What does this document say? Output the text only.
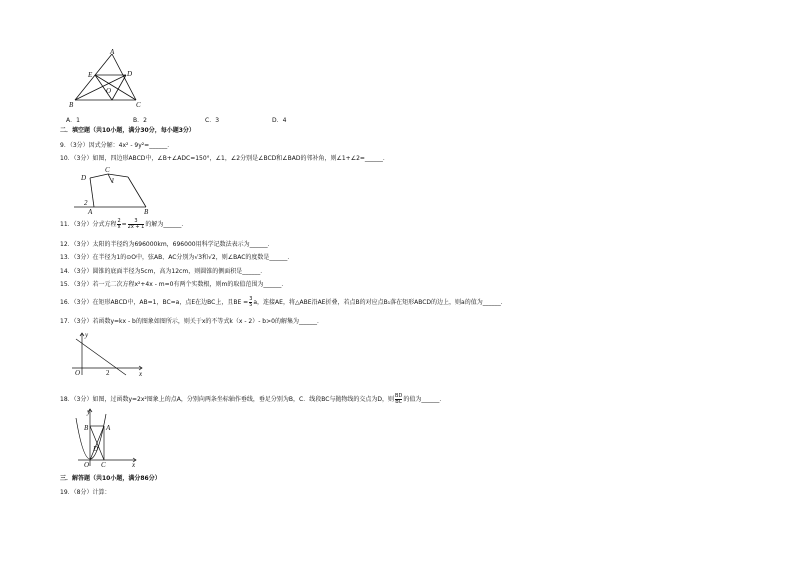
A
E	D
O
B	C
A．1	B．2	C．3	D．4
二．填空题（共10小题，满分30分，每小题3分）
9．（3分）因式分解：4x² - 9y²=______．
10．（3分）如图，四边形ABCD中，∠B+∠ADC=150°，∠1，∠2分别是∠BCD和∠BAD的邻补角，则∠1+∠2=______．
D
C
1
2
A	B
11．（3分）分式方程 $\frac{2}{x} = \frac{3}{2x + 1}$ 的解为______．
12．（3分）太阳的半径约为696000km，696000用科学记数法表示为______．
13．（3分）在半径为1的⊙O中，弦AB、AC分别为√3和√2，则∠BAC的度数是______．
14．（3分）圆锥的底面半径为5cm，高为12cm，则圆锥的侧面积是______．
15．（3分）若一元二次方程x²+4x - m=0有两个实数根，则m的取值范围为______．
16．（3分）在矩形ABCD中，AB=1，BC=a，点E在边BC上，且BE = $\frac{3}{5}$ a，连接AE，将△ABE沿AE折叠，若点B的对应点B₁落在矩形ABCD的边上，则a的值为______．
17．（3分）若函数y=kx - b的图象如图所示，则关于x的不等式k（x - 2）- b>0的解集为______．
y
x
O	2
18．（3分）如图，过函数y=2x²图象上的点A，分别向两条坐标轴作垂线，垂足分别为B，C．线段BC与抛物线的交点为D，则 $\frac{BD}{BC}$ 的值为______．
y
B	A
D
O C	x
三．解答题（共10小题，满分86分）
19．（8分）计算：
